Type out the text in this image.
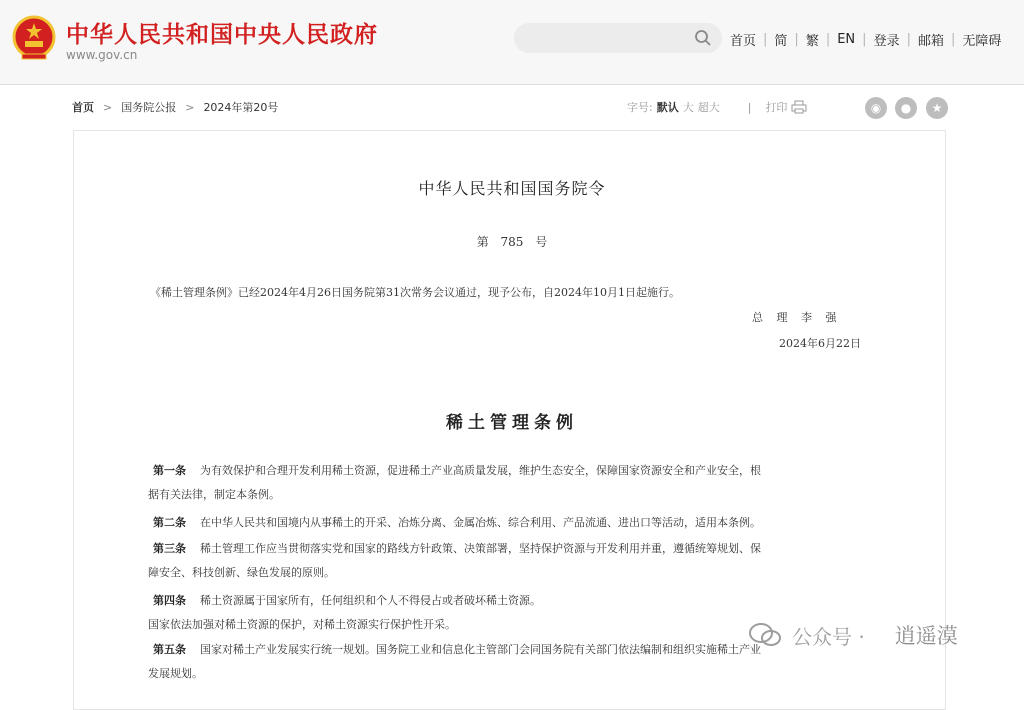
中华人民共和国中央人民政府
www.gov.cn
首页 | 简 | 繁 | EN | 登录 | 邮箱 | 无障碍
首页 > 国务院公报 > 2024年第20号	字号: 默认 大 超大	| 打印	◉	●	★
中华人民共和国国务院令
第 785 号
《稀土管理条例》已经2024年4月26日国务院第31次常务会议通过，现予公布，自2024年10月1日起施行。
总 理 李 强
2024年6月22日
稀土管理条例
第一条 为有效保护和合理开发利用稀土资源，促进稀土产业高质量发展，维护生态安全，保障国家资源安全和产业安全，根
据有关法律，制定本条例。
第二条 在中华人民共和国境内从事稀土的开采、冶炼分离、金属冶炼、综合利用、产品流通、进出口等活动，适用本条例。
第三条 稀土管理工作应当贯彻落实党和国家的路线方针政策、决策部署，坚持保护资源与开发利用并重，遵循统筹规划、保
障安全、科技创新、绿色发展的原则。
第四条 稀土资源属于国家所有，任何组织和个人不得侵占或者破坏稀土资源。
国家依法加强对稀土资源的保护，对稀土资源实行保护性开采。
第五条 国家对稀土产业发展实行统一规划。国务院工业和信息化主管部门会同国务院有关部门依法编制和组织实施稀土产业
发展规划。
公众号 · 逍遥漠
